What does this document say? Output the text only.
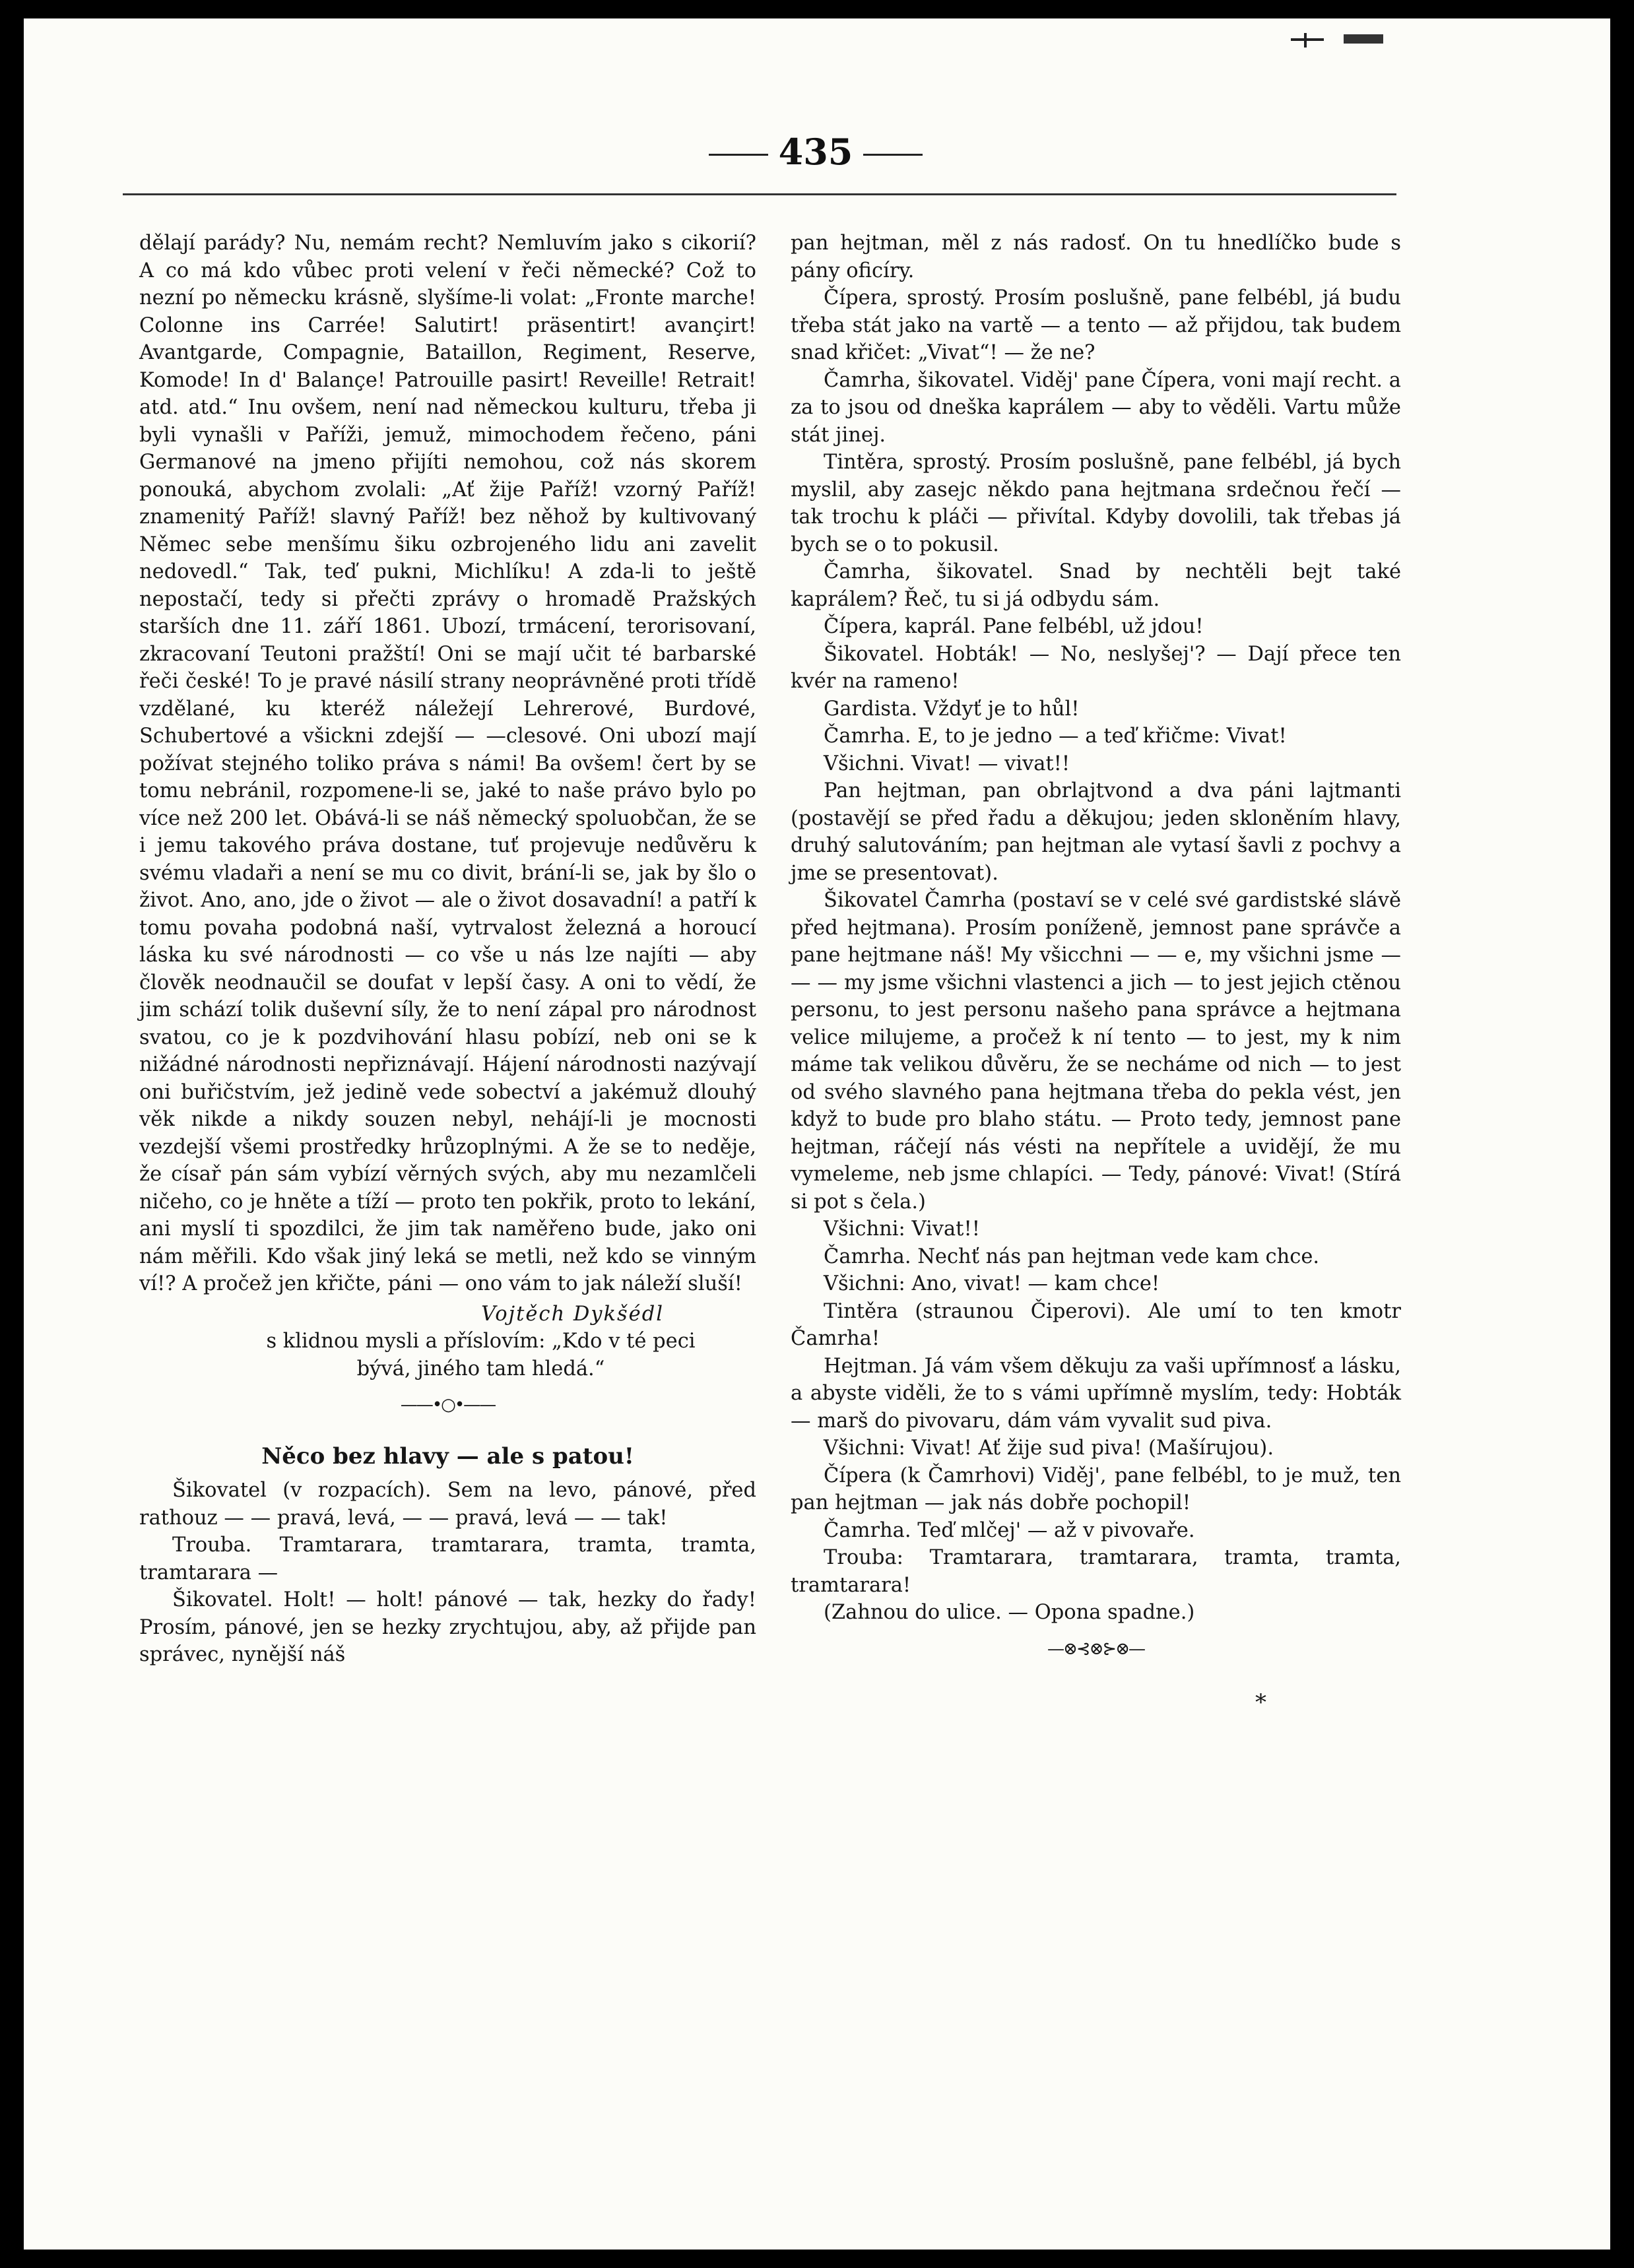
435

dělají parády? Nu, nemám recht? Nemluvím jako s cikorií? A co má kdo vůbec proti velení v řeči německé? Což to nezní po německu krásně, slyšíme-li volat: „Fronte marche! Colonne ins Carrée! Salutirt! präsentirt! avançirt! Avantgarde, Compagnie, Bataillon, Regiment, Reserve, Komode! In d' Balançe! Patrouille pasirt! Reveille! Retrait! atd. atd.“ Inu ovšem, není nad německou kulturu, třeba ji byli vynašli v Paříži, jemuž, mimochodem řečeno, páni Germanové na jmeno přijíti nemohou, což nás skorem ponouká, abychom zvolali: „Ať žije Paříž! vzorný Paříž! znamenitý Paříž! slavný Paříž! bez něhož by kultivovaný Němec sebe menšímu šiku ozbrojeného lidu ani zavelit nedovedl.“ Tak, teď pukni, Michlíku! A zda-li to ještě nepostačí, tedy si přečti zprávy o hromadě Pražských starších dne 11. září 1861. Ubozí, trmácení, terorisovaní, zkracovaní Teutoni pražští! Oni se mají učit té barbarské řeči české! To je pravé násilí strany neoprávněné proti třídě vzdělané, ku kteréž náležejí Lehrerové, Burdové, Schubertové a všickni zdejší — —clesové. Oni ubozí mají požívat stejného toliko práva s námi! Ba ovšem! čert by se tomu nebránil, rozpomene-li se, jaké to naše právo bylo po více než 200 let. Obává-li se náš německý spoluobčan, že se i jemu takového práva dostane, tuť projevuje nedůvěru k svému vladaři a není se mu co divit, brání-li se, jak by šlo o život. Ano, ano, jde o život — ale o život dosavadní! a patří k tomu povaha podobná naší, vytrvalost železná a horoucí láska ku své národnosti — co vše u nás lze najíti — aby člověk neodnaučil se doufat v lepší časy. A oni to vědí, že jim schází tolik duševní síly, že to není zápal pro národnost svatou, co je k pozdvihování hlasu pobízí, neb oni se k nižádné národnosti nepřiznávají. Hájení národnosti nazývají oni buřičstvím, jež jedině vede sobectví a jakémuž dlouhý věk nikde a nikdy souzen nebyl, nehájí-li je mocnosti vezdejší všemi prostředky hrůzoplnými. A že se to neděje, že císař pán sám vybízí věrných svých, aby mu nezamlčeli ničeho, co je hněte a tíží — proto ten pokřik, proto to lekání, ani myslí ti spozdilci, že jim tak naměřeno bude, jako oni nám měřili. Kdo však jiný leká se metli, než kdo se vinným ví!? A pročež jen křičte, páni — ono vám to jak náleží sluší!

Vojtěch Dykšédl

s klidnou mysli a příslovím: „Kdo v té peci

bývá, jiného tam hledá.“

——•○•——

Něco bez hlavy — ale s patou!

Šikovatel (v rozpacích). Sem na levo, pánové, před rathouz — — pravá, levá, — — pravá, levá — — tak!

Trouba. Tramtarara, tramtarara, tramta, tramta, tramtarara —

Šikovatel. Holt! — holt! pánové — tak, hezky do řady! Prosím, pánové, jen se hezky zrychtujou, aby, až přijde pan správec, nynější náš

pan hejtman, měl z nás radosť. On tu hnedlíčko bude s pány oficíry.

Čípera, sprostý. Prosím poslušně, pane felbébl, já budu třeba stát jako na vartě — a tento — až přijdou, tak budem snad křičet: „Vivat“! — že ne?

Čamrha, šikovatel. Viděj' pane Čípera, voni mají recht. a za to jsou od dneška kaprálem — aby to věděli. Vartu může stát jinej.

Tintěra, sprostý. Prosím poslušně, pane felbébl, já bych myslil, aby zasejc někdo pana hejtmana srdečnou řečí — tak trochu k pláči — přivítal. Kdyby dovolili, tak třebas já bych se o to pokusil.

Čamrha, šikovatel. Snad by nechtěli bejt také kaprálem? Řeč, tu si já odbydu sám.

Čípera, kaprál. Pane felbébl, už jdou!

Šikovatel. Hobták! — No, neslyšej'? — Dají přece ten kvér na rameno!

Gardista. Vždyť je to hůl!

Čamrha. E, to je jedno — a teď křičme: Vivat!

Všichni. Vivat! — vivat!!

Pan hejtman, pan obrlajtvond a dva páni lajtmanti (postavějí se před řadu a děkujou; jeden skloněním hlavy, druhý salutováním; pan hejtman ale vytasí šavli z pochvy a jme se presentovat).

Šikovatel Čamrha (postaví se v celé své gardistské slávě před hejtmana). Prosím poníženě, jemnost pane správče a pane hejtmane náš! My všicchni — — e, my všichni jsme — — — my jsme všichni vlastenci a jich — to jest jejich ctěnou personu, to jest personu našeho pana správce a hejtmana velice milujeme, a pročež k ní tento — to jest, my k nim máme tak velikou důvěru, že se necháme od nich — to jest od svého slavného pana hejtmana třeba do pekla vést, jen když to bude pro blaho státu. — Proto tedy, jemnost pane hejtman, ráčejí nás vésti na nepřítele a uvidějí, že mu vymeleme, neb jsme chlapíci. — Tedy, pánové: Vivat! (Stírá si pot s čela.)

Všichni: Vivat!!

Čamrha. Nechť nás pan hejtman vede kam chce.

Všichni: Ano, vivat! — kam chce!

Tintěra (straunou Čiperovi). Ale umí to ten kmotr Čamrha!

Hejtman. Já vám všem děkuju za vaši upřímnosť a lásku, a abyste viděli, že to s vámi upřímně myslím, tedy: Hobták — marš do pivovaru, dám vám vyvalit sud piva.

Všichni: Vivat! Ať žije sud piva! (Mašírujou).

Čípera (k Čamrhovi) Viděj', pane felbébl, to je muž, ten pan hejtman — jak nás dobře pochopil!

Čamrha. Teď mlčej' — až v pivovaře.

Trouba: Tramtarara, tramtarara, tramta, tramta, tramtarara!

(Zahnou do ulice. — Opona spadne.)

—⊗⊰⊗⊱⊗—

*
